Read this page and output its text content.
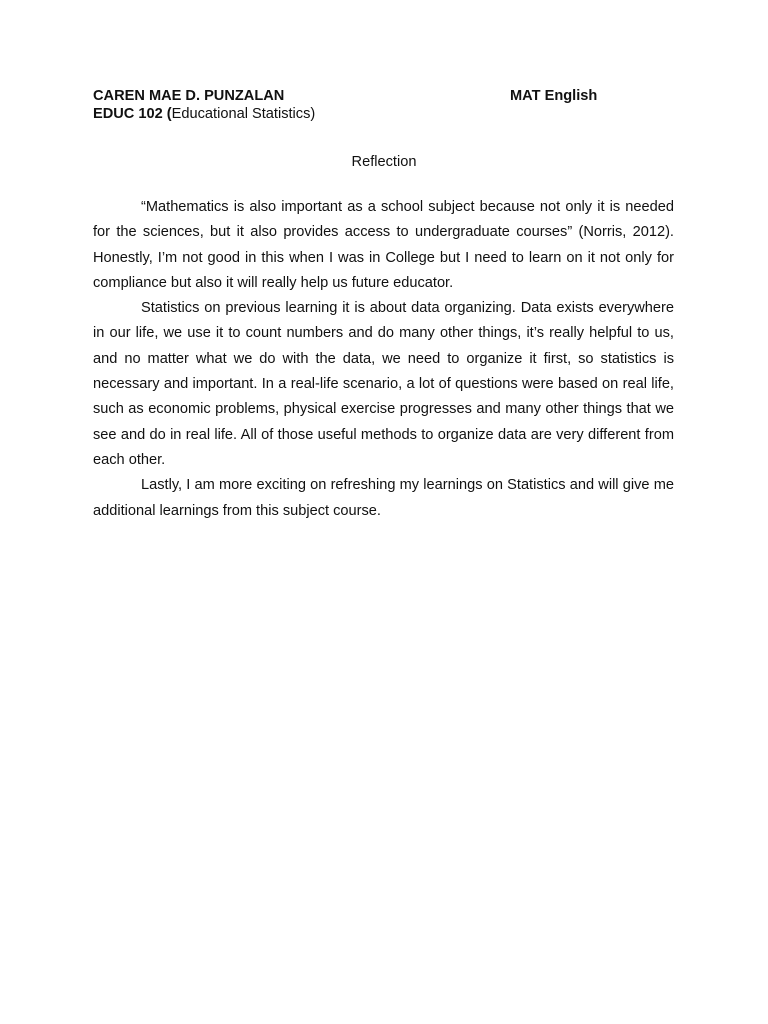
CAREN MAE D. PUNZALAN	MAT English
EDUC 102 (Educational Statistics)
Reflection

“Mathematics is also important as a school subject because not only it is needed for the sciences, but it also provides access to undergraduate courses” (Norris, 2012). Honestly, I’m not good in this when I was in College but I need to learn on it not only for compliance but also it will really help us future educator.

Statistics on previous learning it is about data organizing. Data exists everywhere in our life, we use it to count numbers and do many other things, it’s really helpful to us, and no matter what we do with the data, we need to organize it first, so statistics is necessary and important. In a real-life scenario, a lot of questions were based on real life, such as economic problems, physical exercise progresses and many other things that we see and do in real life. All of those useful methods to organize data are very different from each other.

Lastly, I am more exciting on refreshing my learnings on Statistics and will give me additional learnings from this subject course.
